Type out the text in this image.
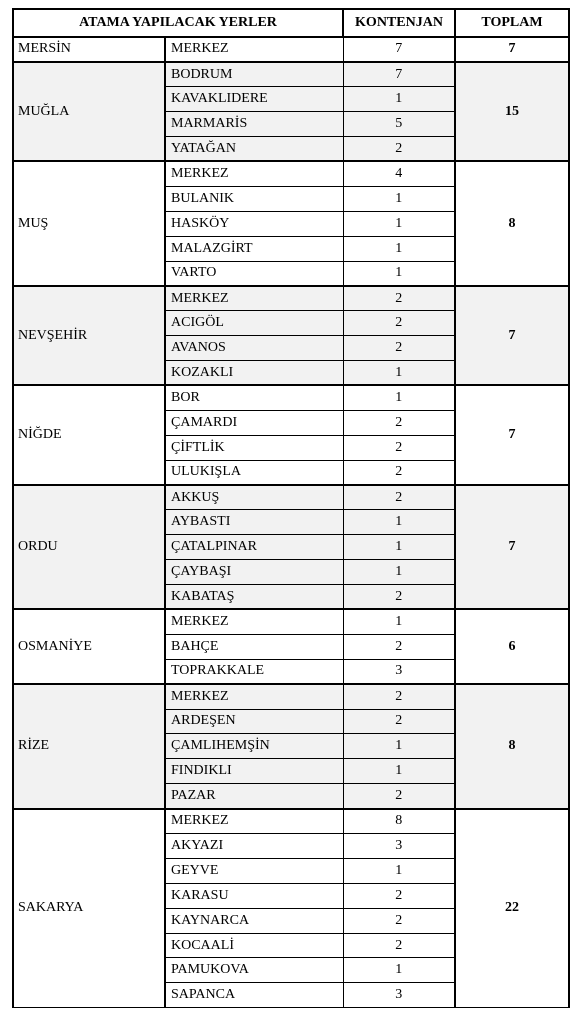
ATAMA YAPILACAK YERLER		KONTENJAN	TOPLAM
MERSİN	MERKEZ	7	7
MUĞLA	BODRUM	7	15
	KAVAKLIDERE	1	
	MARMARİS	5	
	YATAĞAN	2	
MUŞ	MERKEZ	4	8
	BULANIK	1	
	HASKÖY	1	
	MALAZGİRT	1	
	VARTO	1	
NEVŞEHİR	MERKEZ	2	7
	ACIGÖL	2	
	AVANOS	2	
	KOZAKLI	1	
NİĞDE	BOR	1	7
	ÇAMARDI	2	
	ÇİFTLİK	2	
	ULUKIŞLA	2	
ORDU	AKKUŞ	2	7
	AYBASTI	1	
	ÇATALPINAR	1	
	ÇAYBAŞI	1	
	KABATAŞ	2	
OSMANİYE	MERKEZ	1	6
	BAHÇE	2	
	TOPRAKKALE	3	
RİZE	MERKEZ	2	8
	ARDEŞEN	2	
	ÇAMLIHEMŞİN	1	
	FINDIKLI	1	
	PAZAR	2	
SAKARYA	MERKEZ	8	22
	AKYAZI	3	
	GEYVE	1	
	KARASU	2	
	KAYNARCA	2	
	KOCAALİ	2	
	PAMUKOVA	1	
	SAPANCA	3	
